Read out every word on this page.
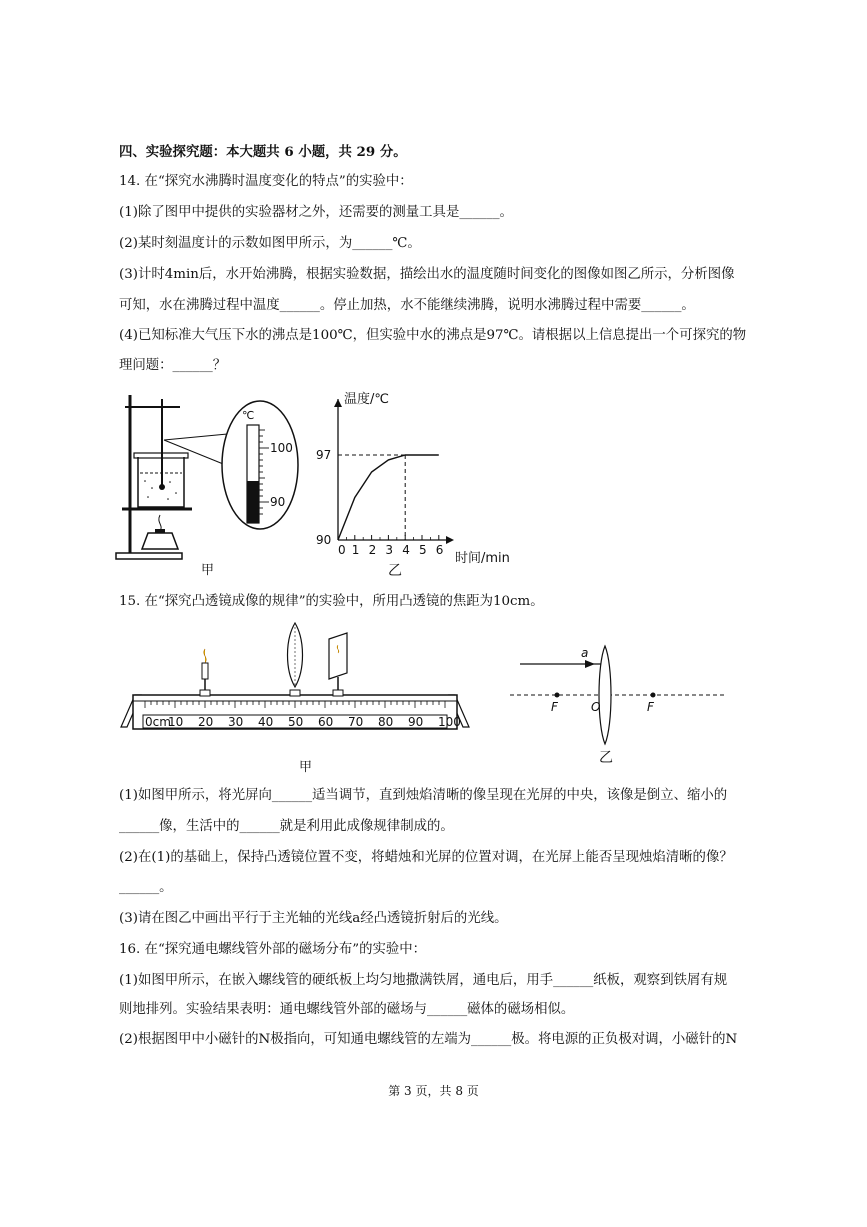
四、实验探究题：本大题共 6 小题，共 29 分。
14. 在“探究水沸腾时温度变化的特点”的实验中：
(1)除了图甲中提供的实验器材之外，还需要的测量工具是______。
(2)某时刻温度计的示数如图甲所示，为______℃。
(3)计时4min后，水开始沸腾，根据实验数据，描绘出水的温度随时间变化的图像如图乙所示，分析图像
可知，水在沸腾过程中温度______。停止加热，水不能继续沸腾，说明水沸腾过程中需要______。
(4)已知标准大气压下水的沸点是100℃，但实验中水的沸点是97℃。请根据以上信息提出一个可探究的物
理问题：______？
℃
100
90
甲
0 1 2 3 4 5 6
90
97
温度/℃
时间/min
乙
15. 在“探究凸透镜成像的规律”的实验中，所用凸透镜的焦距为10cm。
0cm
10 20 30 40 50 60 70 80 90 100
甲
a
F	O	F
乙
(1)如图甲所示，将光屏向______适当调节，直到烛焰清晰的像呈现在光屏的中央，该像是倒立、缩小的
______像，生活中的______就是利用此成像规律制成的。
(2)在(1)的基础上，保持凸透镜位置不变，将蜡烛和光屏的位置对调，在光屏上能否呈现烛焰清晰的像？
______。
(3)请在图乙中画出平行于主光轴的光线a经凸透镜折射后的光线。
16. 在“探究通电螺线管外部的磁场分布”的实验中：
(1)如图甲所示，在嵌入螺线管的硬纸板上均匀地撒满铁屑，通电后，用手______纸板，观察到铁屑有规
则地排列。实验结果表明：通电螺线管外部的磁场与______磁体的磁场相似。
(2)根据图甲中小磁针的N极指向，可知通电螺线管的左端为______极。将电源的正负极对调，小磁针的N
第 3 页，共 8 页
